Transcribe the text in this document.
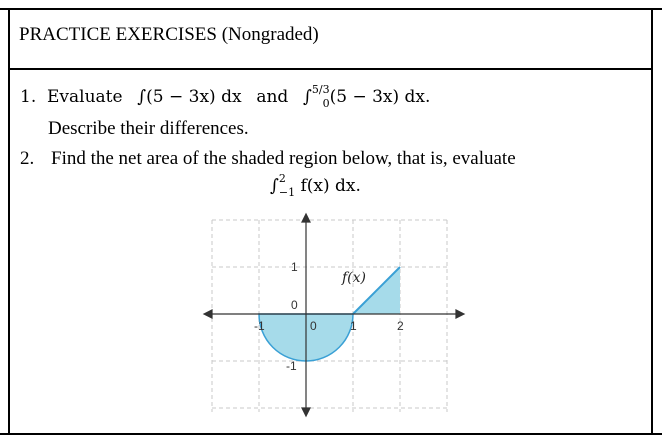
PRACTICE EXERCISES (Nongraded)
1. Evaluate ∫(5 − 3x) dx and ∫$^{5/3}_0$(5 − 3x) dx.
Describe their differences.
2. Find the net area of the shaded region below, that is, evaluate
∫$^2_{-1}$ f(x) dx.
-1	0	1	2
1
0
-1
f(x)
